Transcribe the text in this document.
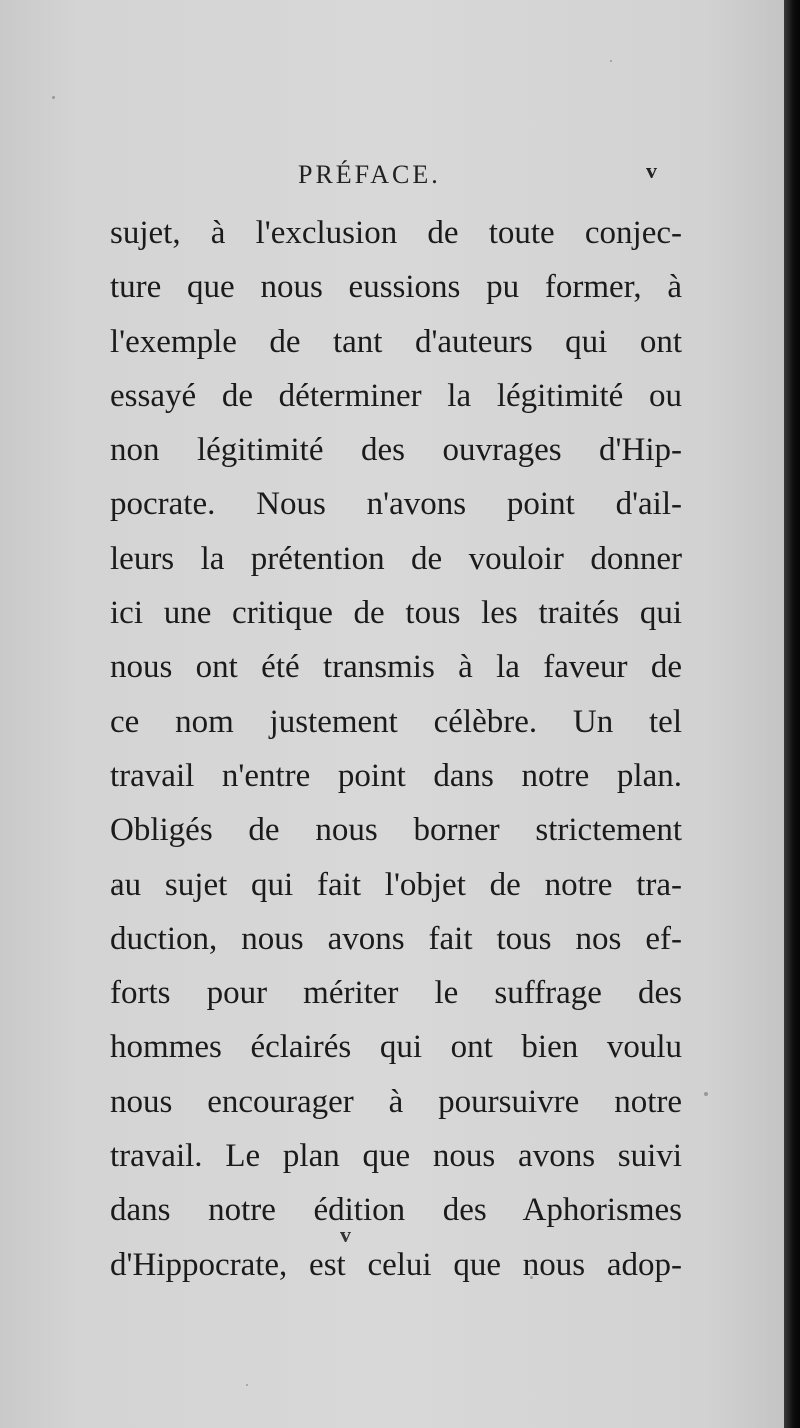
PRÉFACE.	v
sujet, à l'exclusion de toute conjec-
ture que nous eussions pu former, à
l'exemple de tant d'auteurs qui ont
essayé de déterminer la légitimité ou
non légitimité des ouvrages d'Hip-
pocrate. Nous n'avons point d'ail-
leurs la prétention de vouloir donner
ici une critique de tous les traités qui
nous ont été transmis à la faveur de
ce nom justement célèbre. Un tel
travail n'entre point dans notre plan.
Obligés de nous borner strictement
au sujet qui fait l'objet de notre tra-
duction, nous avons fait tous nos ef-
forts pour mériter le suffrage des
hommes éclairés qui ont bien voulu
nous encourager à poursuivre notre
travail. Le plan que nous avons suivi
dans notre édition des Aphorismes
d'Hippocrate, est celui que nous adop-
v
